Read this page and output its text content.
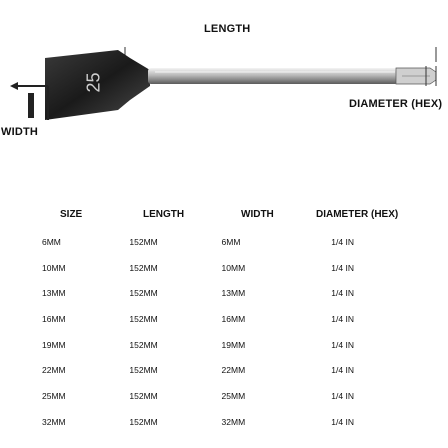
LENGTH
DIAMETER (HEX)
WIDTH
25
SIZE	LENGTH	WIDTH	DIAMETER (HEX)
6MM	152MM	6MM	1/4 IN
10MM	152MM	10MM	1/4 IN
13MM	152MM	13MM	1/4 IN
16MM	152MM	16MM	1/4 IN
19MM	152MM	19MM	1/4 IN
22MM	152MM	22MM	1/4 IN
25MM	152MM	25MM	1/4 IN
32MM	152MM	32MM	1/4 IN
